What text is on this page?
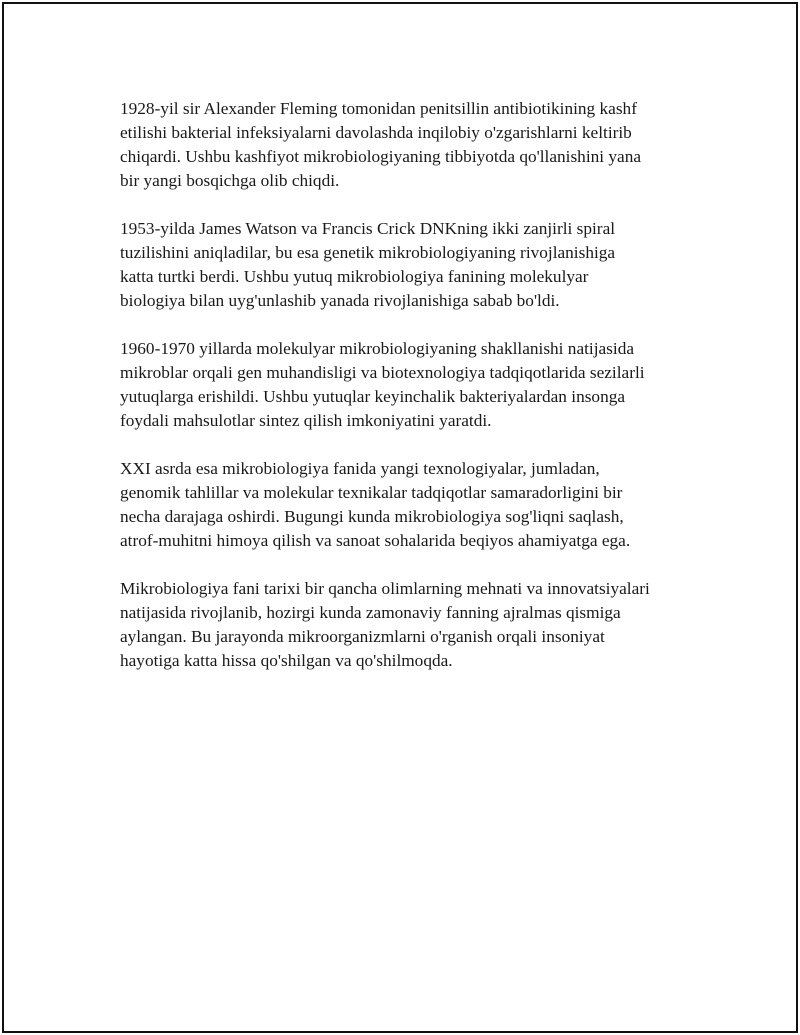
1928-yil sir Alexander Fleming tomonidan penitsillin antibiotikining kashf
etilishi bakterial infeksiyalarni davolashda inqilobiy o'zgarishlarni keltirib
chiqardi. Ushbu kashfiyot mikrobiologiyaning tibbiyotda qo'llanishini yana
bir yangi bosqichga olib chiqdi.

1953-yilda James Watson va Francis Crick DNKning ikki zanjirli spiral
tuzilishini aniqladilar, bu esa genetik mikrobiologiyaning rivojlanishiga
katta turtki berdi. Ushbu yutuq mikrobiologiya fanining molekulyar
biologiya bilan uyg'unlashib yanada rivojlanishiga sabab bo'ldi.

1960-1970 yillarda molekulyar mikrobiologiyaning shakllanishi natijasida
mikroblar orqali gen muhandisligi va biotexnologiya tadqiqotlarida sezilarli
yutuqlarga erishildi. Ushbu yutuqlar keyinchalik bakteriyalardan insonga
foydali mahsulotlar sintez qilish imkoniyatini yaratdi.

XXI asrda esa mikrobiologiya fanida yangi texnologiyalar, jumladan,
genomik tahlillar va molekular texnikalar tadqiqotlar samaradorligini bir
necha darajaga oshirdi. Bugungi kunda mikrobiologiya sog'liqni saqlash,
atrof-muhitni himoya qilish va sanoat sohalarida beqiyos ahamiyatga ega.

Mikrobiologiya fani tarixi bir qancha olimlarning mehnati va innovatsiyalari
natijasida rivojlanib, hozirgi kunda zamonaviy fanning ajralmas qismiga
aylangan. Bu jarayonda mikroorganizmlarni o'rganish orqali insoniyat
hayotiga katta hissa qo'shilgan va qo'shilmoqda.
